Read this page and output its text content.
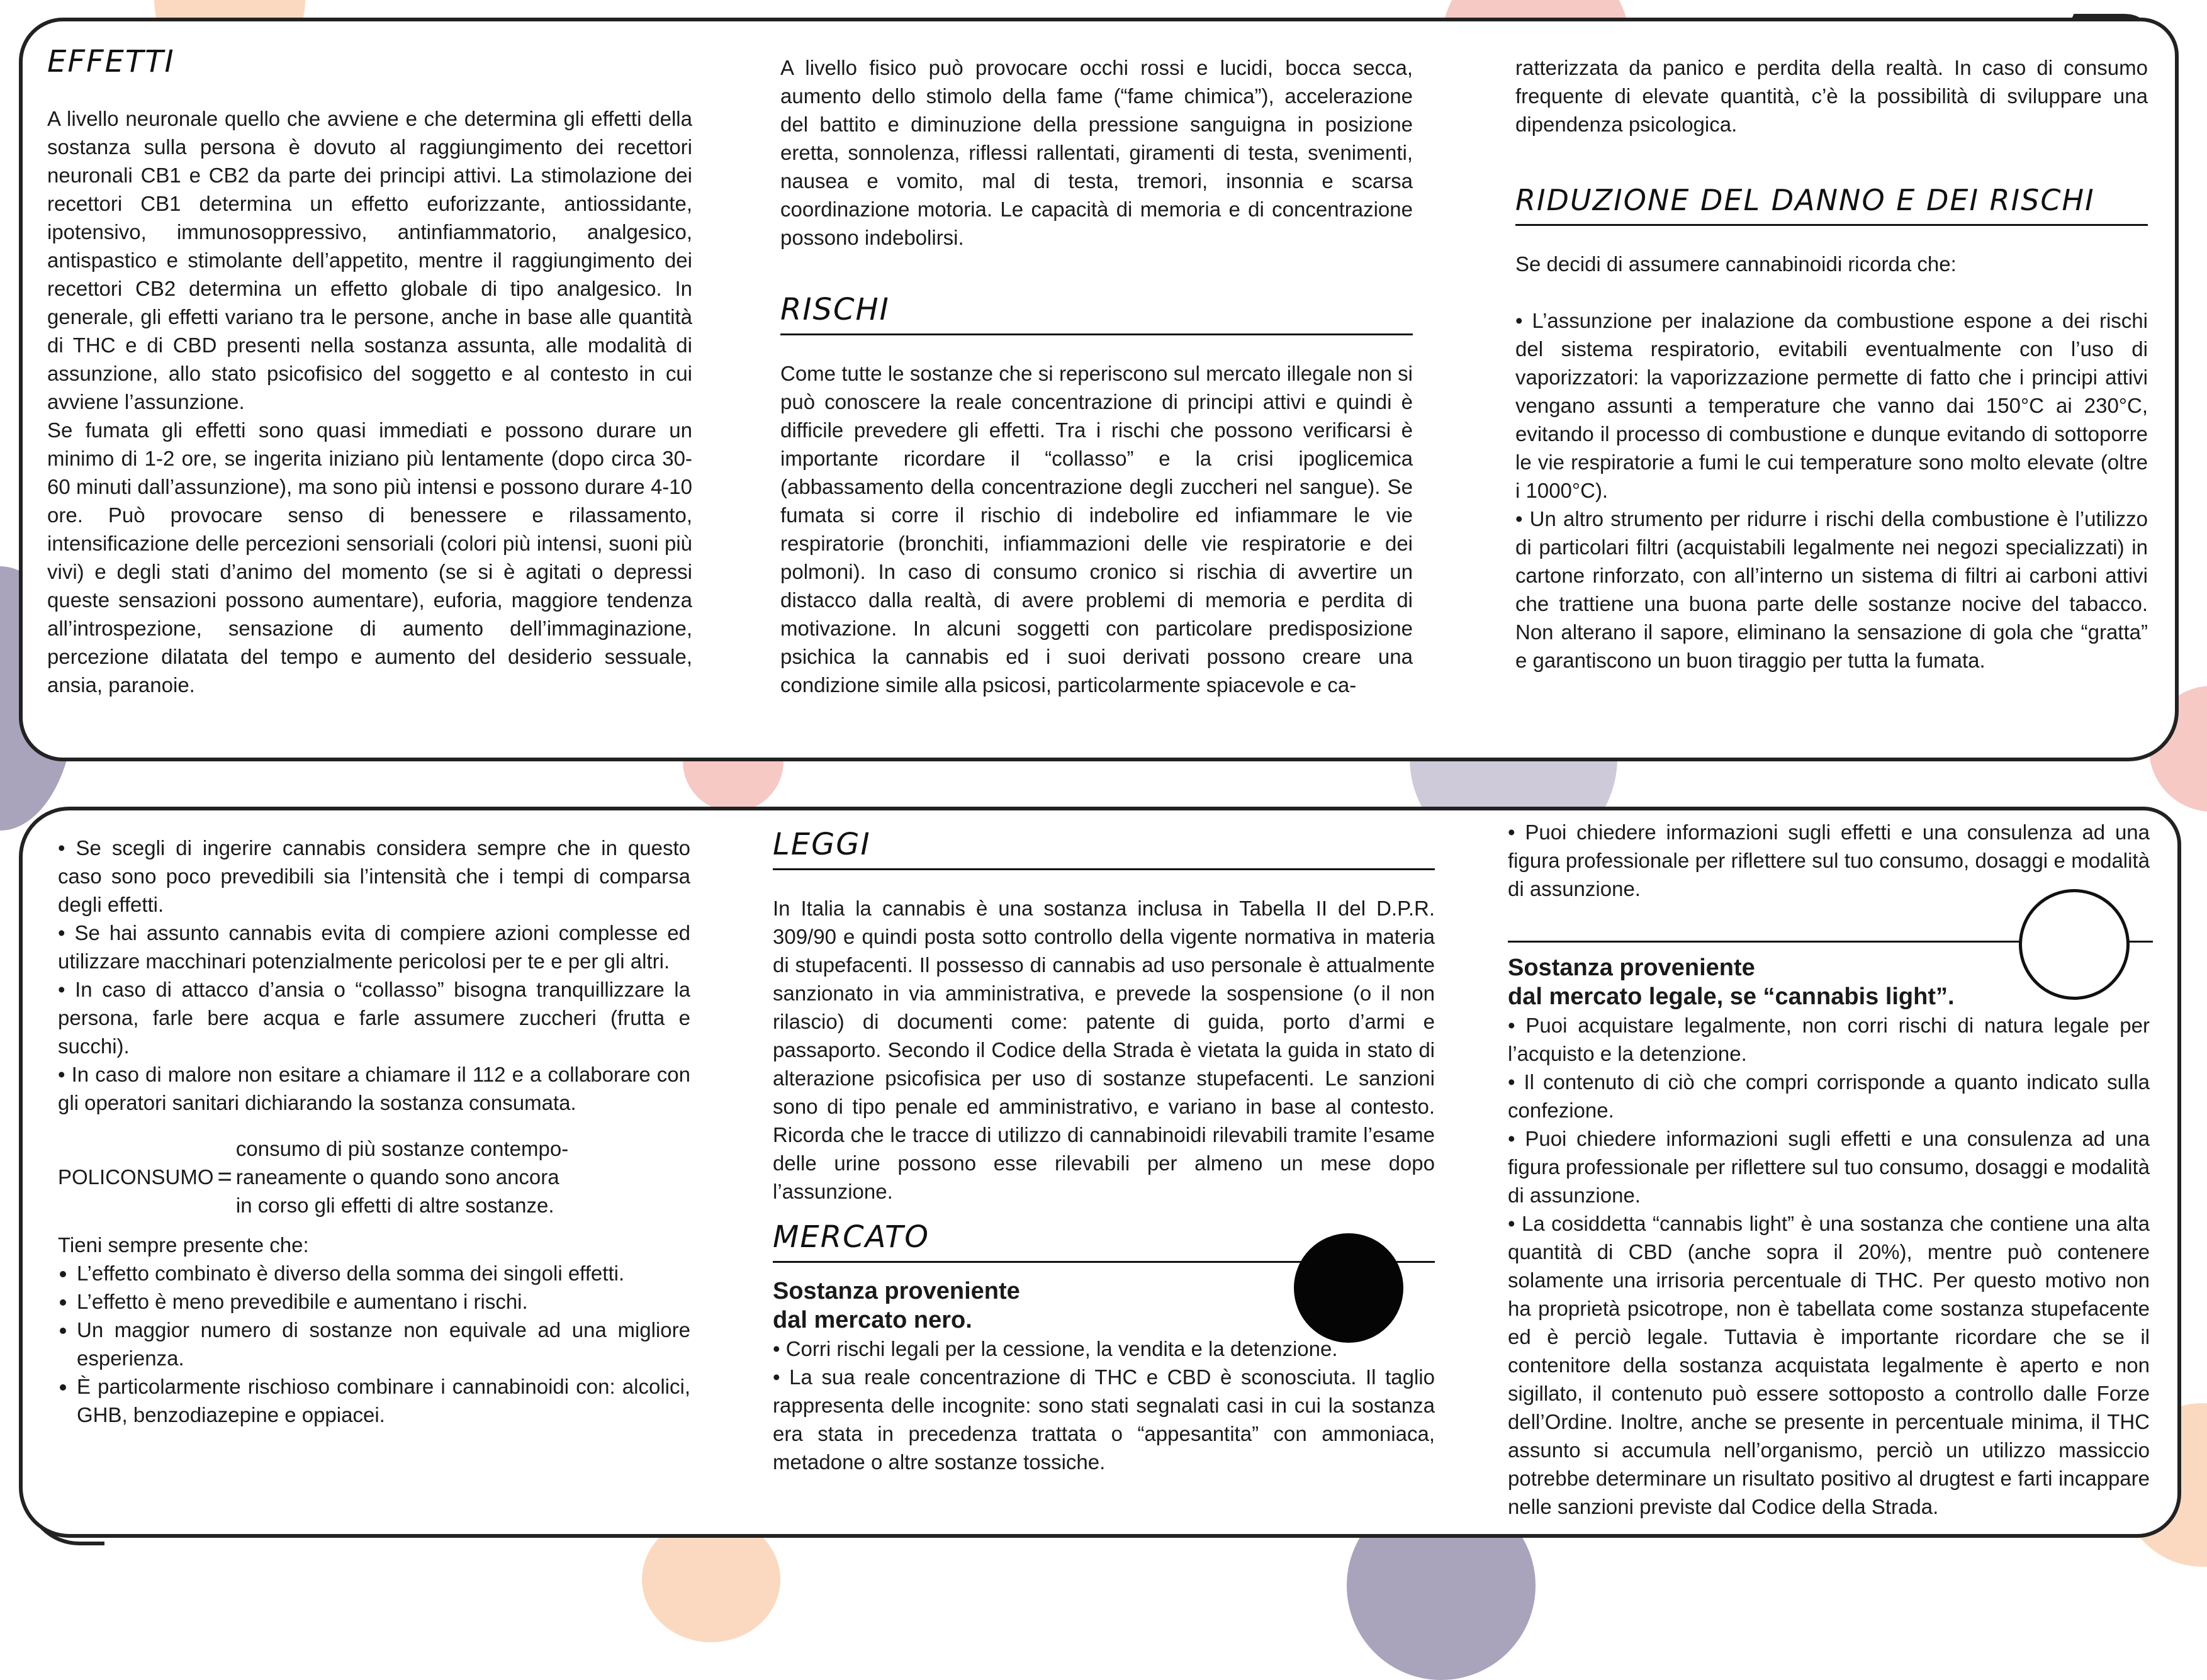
EFFETTI

A livello neuronale quello che avviene e che determina gli effetti della sostanza sulla persona è dovuto al raggiungimento dei recettori neuronali CB1 e CB2 da parte dei principi attivi. La stimolazione dei recettori CB1 determina un effetto euforizzante, antiossidante, ipotensivo, immunosoppressivo, antinfiammatorio, analgesico, antispastico e stimolante dell’appetito, mentre il raggiungimento dei recettori CB2 determina un effetto globale di tipo analgesico. In generale, gli effetti variano tra le persone, anche in base alle quantità di THC e di CBD presenti nella sostanza assunta, alle modalità di assunzione, allo stato psicofisico del soggetto e al contesto in cui avviene l’assunzione.

Se fumata gli effetti sono quasi immediati e possono durare un minimo di 1-2 ore, se ingerita iniziano più lentamente (dopo circa 30-60 minuti dall’assunzione), ma sono più intensi e possono durare 4-10 ore. Può provocare senso di benessere e rilassamento, intensificazione delle percezioni sensoriali (colori più intensi, suoni più vivi) e degli stati d’animo del momento (se si è agitati o depressi queste sensazioni possono aumentare), euforia, maggiore tendenza all’introspezione, sensazione di aumento dell’immaginazione, percezione dilatata del tempo e aumento del desiderio sessuale, ansia, paranoie.

A livello fisico può provocare occhi rossi e lucidi, bocca secca, aumento dello stimolo della fame (“fame chimica”), accelerazione del battito e diminuzione della pressione sanguigna in posizione eretta, sonnolenza, riflessi rallentati, giramenti di testa, svenimenti, nausea e vomito, mal di testa, tremori, insonnia e scarsa coordinazione motoria. Le capacità di memoria e di concentrazione possono indebolirsi.

RISCHI

Come tutte le sostanze che si reperiscono sul mercato illegale non si può conoscere la reale concentrazione di principi attivi e quindi è difficile prevedere gli effetti. Tra i rischi che possono verificarsi è importante ricordare il “collasso” e la crisi ipoglicemica (abbassamento della concentrazione degli zuccheri nel sangue). Se fumata si corre il rischio di indebolire ed infiammare le vie respiratorie (bronchiti, infiammazioni delle vie respiratorie e dei polmoni). In caso di consumo cronico si rischia di avvertire un distacco dalla realtà, di avere problemi di memoria e perdita di motivazione. In alcuni soggetti con particolare predisposizione psichica la cannabis ed i suoi derivati possono creare una condizione simile alla psicosi, particolarmente spiacevole e ca-

ratterizzata da panico e perdita della realtà. In caso di consumo frequente di elevate quantità, c’è la possibilità di sviluppare una dipendenza psicologica.

RIDUZIONE DEL DANNO E DEI RISCHI

Se decidi di assumere cannabinoidi ricorda che:

• L’assunzione per inalazione da combustione espone a dei rischi del sistema respiratorio, evitabili eventualmente con l’uso di vaporizzatori: la vaporizzazione permette di fatto che i principi attivi vengano assunti a temperature che vanno dai 150°C ai 230°C, evitando il processo di combustione e dunque evitando di sottoporre le vie respiratorie a fumi le cui temperature sono molto elevate (oltre i 1000°C).

• Un altro strumento per ridurre i rischi della combustione è l’utilizzo di particolari filtri (acquistabili legalmente nei negozi specializzati) in cartone rinforzato, con all’interno un sistema di filtri ai carboni attivi che trattiene una buona parte delle sostanze nocive del tabacco. Non alterano il sapore, eliminano la sensazione di gola che “gratta” e garantiscono un buon tiraggio per tutta la fumata.

• Se scegli di ingerire cannabis considera sempre che in questo caso sono poco prevedibili sia l’intensità che i tempi di comparsa degli effetti.

• Se hai assunto cannabis evita di compiere azioni complesse ed utilizzare macchinari potenzialmente pericolosi per te e per gli altri.

• In caso di attacco d’ansia o “collasso” bisogna tranquillizzare la persona, farle bere acqua e farle assumere zuccheri (frutta e succhi).

• In caso di malore non esitare a chiamare il 112 e a collaborare con gli operatori sanitari dichiarando la sostanza consumata.

POLICONSUMO =
consumo di più sostanze contempo-
raneamente o quando sono ancora
in corso gli effetti di altre sostanze.

Tieni sempre presente che:

• L’effetto combinato è diverso della somma dei singoli effetti.
• L’effetto è meno prevedibile e aumentano i rischi.
• Un maggior numero di sostanze non equivale ad una migliore esperienza.
• È particolarmente rischioso combinare i cannabinoidi con: alcolici, GHB, benzodiazepine e oppiacei.
LEGGI

In Italia la cannabis è una sostanza inclusa in Tabella II del D.P.R. 309/90 e quindi posta sotto controllo della vigente normativa in materia di stupefacenti. Il possesso di cannabis ad uso personale è attualmente sanzionato in via amministrativa, e prevede la sospensione (o il non rilascio) di documenti come: patente di guida, porto d’armi e passaporto. Secondo il Codice della Strada è vietata la guida in stato di alterazione psicofisica per uso di sostanze stupefacenti. Le sanzioni sono di tipo penale ed amministrativo, e variano in base al contesto. Ricorda che le tracce di utilizzo di cannabinoidi rilevabili tramite l’esame delle urine possono esse rilevabili per almeno un mese dopo l’assunzione.

MERCATO

Sostanza proveniente
dal mercato nero.

• Corri rischi legali per la cessione, la vendita e la detenzione.

• La sua reale concentrazione di THC e CBD è sconosciuta. Il taglio rappresenta delle incognite: sono stati segnalati casi in cui la sostanza era stata in precedenza trattata o “appesantita” con ammoniaca, metadone o altre sostanze tossiche.

• Puoi chiedere informazioni sugli effetti e una consulenza ad una figura professionale per riflettere sul tuo consumo, dosaggi e modalità di assunzione.

Sostanza proveniente
dal mercato legale, se “cannabis light”.

• Puoi acquistare legalmente, non corri rischi di natura legale per l’acquisto e la detenzione.

• Il contenuto di ciò che compri corrisponde a quanto indicato sulla confezione.

• Puoi chiedere informazioni sugli effetti e una consulenza ad una figura professionale per riflettere sul tuo consumo, dosaggi e modalità di assunzione.

• La cosiddetta “cannabis light” è una sostanza che contiene una alta quantità di CBD (anche sopra il 20%), mentre può contenere solamente una irrisoria percentuale di THC. Per questo motivo non ha proprietà psicotrope, non è tabellata come sostanza stupefacente ed è perciò legale. Tuttavia è importante ricordare che se il contenitore della sostanza acquistata legalmente è aperto e non sigillato, il contenuto può essere sottoposto a controllo dalle Forze dell’Ordine. Inoltre, anche se presente in percentuale minima, il THC assunto si accumula nell’organismo, perciò un utilizzo massiccio potrebbe determinare un risultato positivo al drugtest e farti incappare nelle sanzioni previste dal Codice della Strada.
